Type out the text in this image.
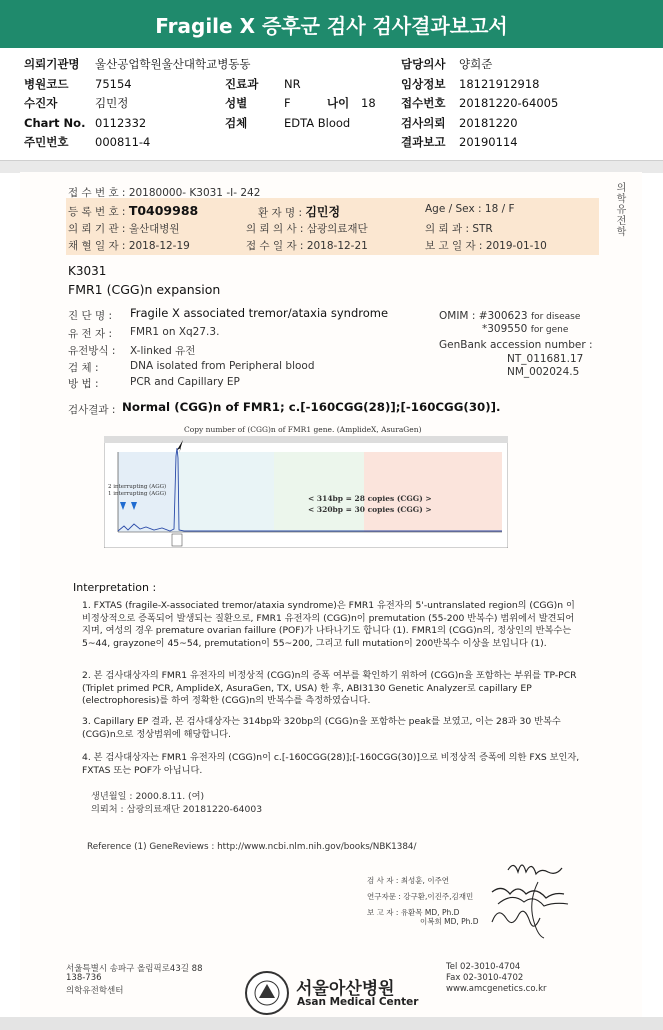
Fragile X 증후군 검사 검사결과보고서
의뢰기관명 울산공업학원울산대학교병동동	담당의사 양희준
병원코드 75154	진료과 NR	임상정보 18121912918
수진자	김민정	성별	F	나이 18 접수번호 20181220-64005
Chart No. 0112332	검체	EDTA Blood	검사의뢰 20181220
주민번호 000811-4	결과보고 20190114
의학유전학
접 수 번 호 : 20180000- K3031 -I- 242
등 록 번 호 : T0409988	환 자 명 : 김민정	Age / Sex : 18 / F
의 뢰 기 관 : 울산대병원	의 뢰 의 사 : 삼광의료재단	의 뢰 과 : STR
채 혈 일 자 : 2018-12-19	접 수 일 자 : 2018-12-21	보 고 일 자 : 2019-01-10
K3031
FMR1 (CGG)n expansion
진 단 명 : Fragile X associated tremor/ataxia syndrome
유 전 자 : FMR1 on Xq27.3.
유전방식 : X-linked 유전
검 체 :	DNA isolated from Peripheral blood
방 법 :	PCR and Capillary EP
OMIM : #300623 for disease
*309550 for gene
GenBank accession number :
NT_011681.17
NM_002024.5
검사결과 : Normal (CGG)n of FMR1; c.[-160CGG(28)];[-160CGG(30)].
Copy number of (CGG)n of FMR1 gene. (AmplideX, AsuraGen)
2 interrupting (AGG)
1 interrupting (AGG)	< 314bp = 28 copies (CGG) >
< 320bp = 30 copies (CGG) >
Interpretation :
1. FXTAS (fragile-X-associated tremor/ataxia syndrome)은 FMR1 유전자의 5'-untranslated region의 (CGG)n 이 비정상적으로 증폭되어 발생되는 질환으로, FMR1 유전자의 (CGG)n이 premutation (55-200 반복수) 범위에서 발견되어지며, 여성의 경우 premature ovarian faillure (POF)가 나타나기도 합니다 (1). FMR1의 (CGG)n의, 정상인의 반복수는 5~44, grayzone이 45~54, premutation이 55~200, 그리고 full mutation이 200반복수 이상을 보입니다 (1).
2. 본 검사대상자의 FMR1 유전자의 비정상적 (CGG)n의 증폭 여부를 확인하기 위하여 (CGG)n을 포함하는 부위를 TP-PCR (Triplet primed PCR, AmplideX, AsuraGen, TX, USA) 한 후, ABI3130 Genetic Analyzer로 capillary EP (electrophoresis)를 하여 정확한 (CGG)n의 반복수를 측정하였습니다.
3. Capillary EP 결과, 본 검사대상자는 314bp와 320bp의 (CGG)n을 포함하는 peak를 보였고, 이는 28과 30 반복수 (CGG)n으로 정상범위에 해당합니다.
4. 본 검사대상자는 FMR1 유전자의 (CGG)n이 c.[-160CGG(28)];[-160CGG(30)]으로 비정상적 증폭에 의한 FXS 보인자, FXTAS 또는 POF가 아닙니다.
생년월일 : 2000.8.11. (여)
의뢰처 : 삼광의료재단 20181220-64003
Reference (1) GeneReviews : http://www.ncbi.nlm.nih.gov/books/NBK1384/
검 사 자 : 최성훈, 이주연
연구자문 : 강구환,이진주,김재민
보 고 자 : 유환목 MD, Ph.D
이복희 MD, Ph.D
서울특별시 송파구 올림픽로43길 88
138-736
의학유전학센터	서울아산병원
Asan Medical Center
Tel 02-3010-4704
Fax 02-3010-4702
www.amcgenetics.co.kr
